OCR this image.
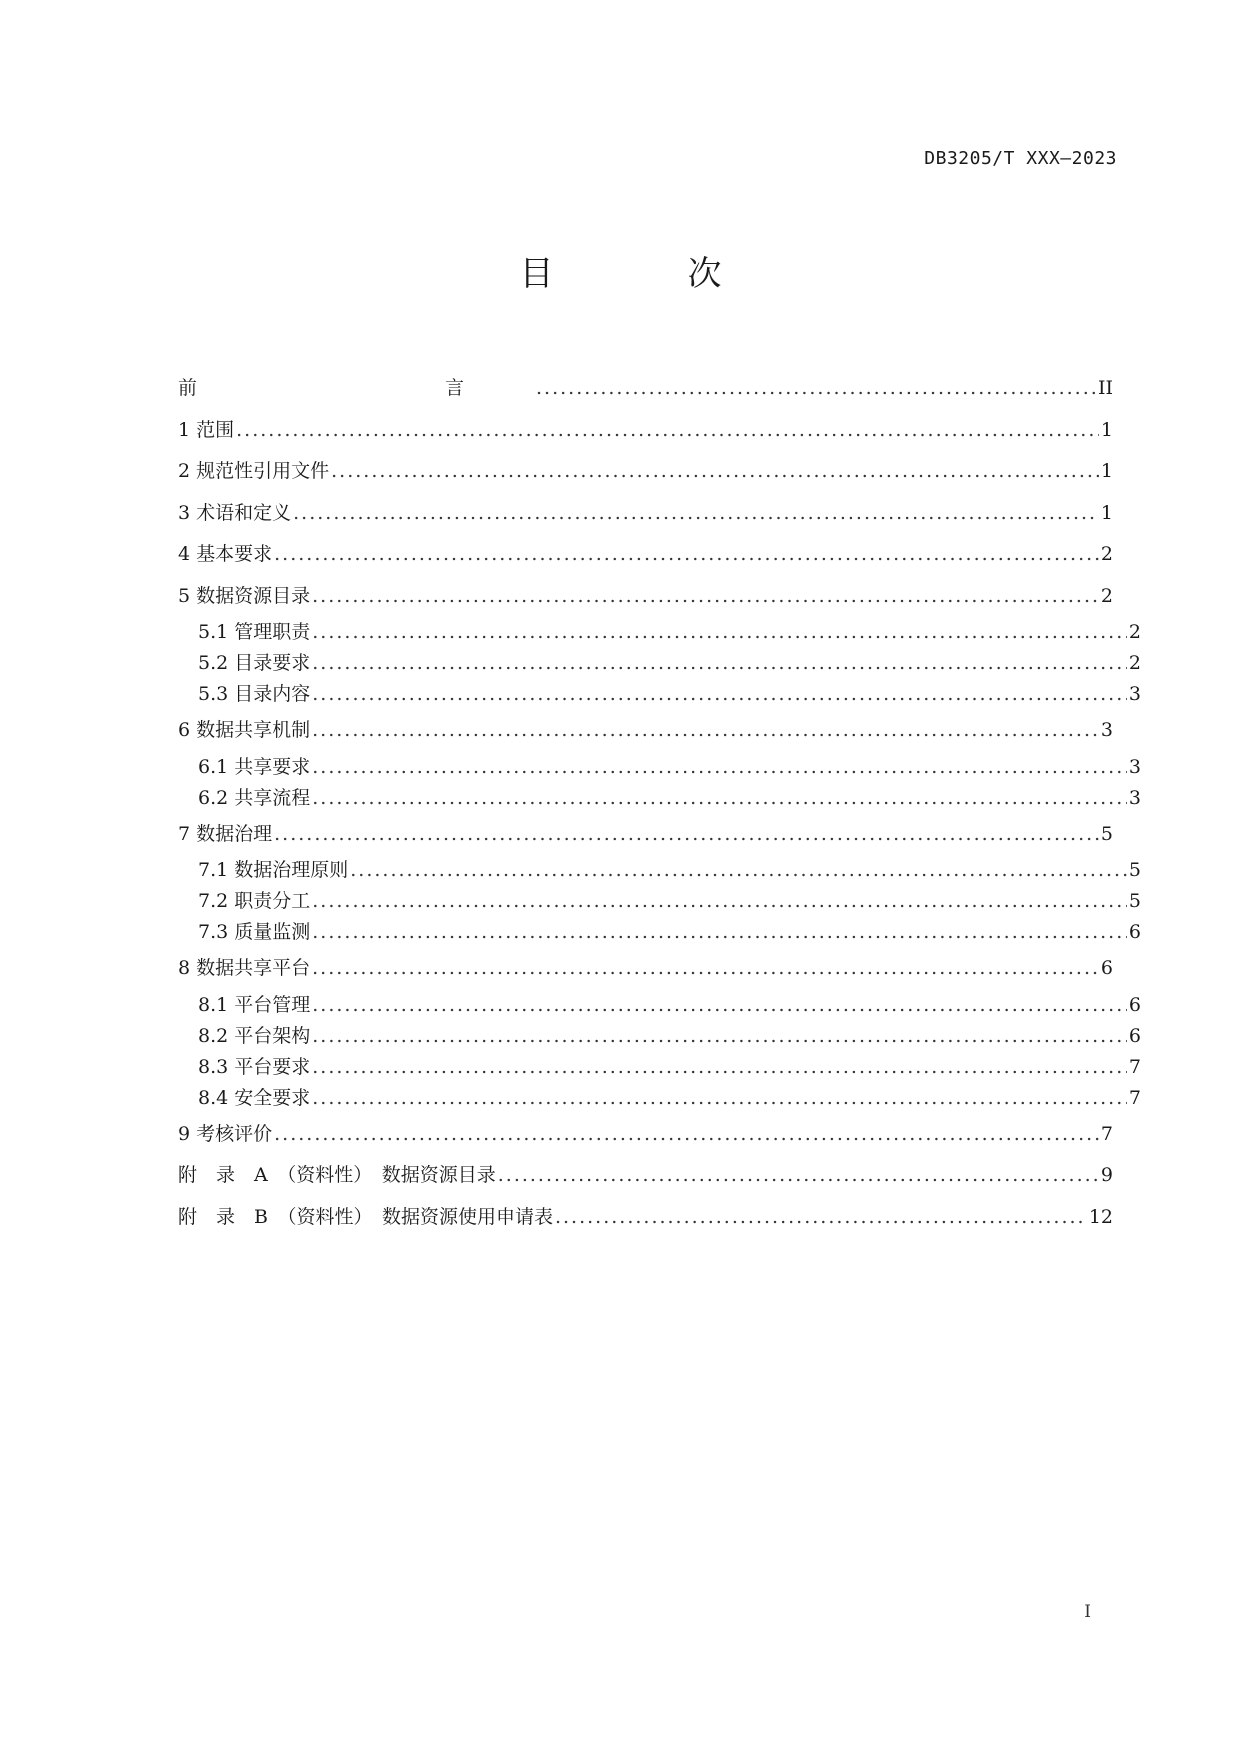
DB3205/T XXX—2023
目　次
前　　言 .....	II
1 范围 .....	1
2 规范性引用文件 .....	1
3 术语和定义 .....	1
4 基本要求 .....	2
5 数据资源目录 .....	2
5.1 管理职责 .....	2
5.2 目录要求 .....	2
5.3 目录内容 .....	3
6 数据共享机制 .....	3
6.1 共享要求 .....	3
6.2 共享流程 .....	3
7 数据治理 .....	5
7.1 数据治理原则 .....	5
7.2 职责分工 .....	5
7.3 质量监测 .....	6
8 数据共享平台 .....	6
8.1 平台管理 .....	6
8.2 平台架构 .....	6
8.3 平台要求 .....	7
8.4 安全要求 .....	7
9 考核评价 .....	7
附　录　A　（资料性）　数据资源目录 .....	9
附　录　B　（资料性）　数据资源使用申请表 .....	12
I
